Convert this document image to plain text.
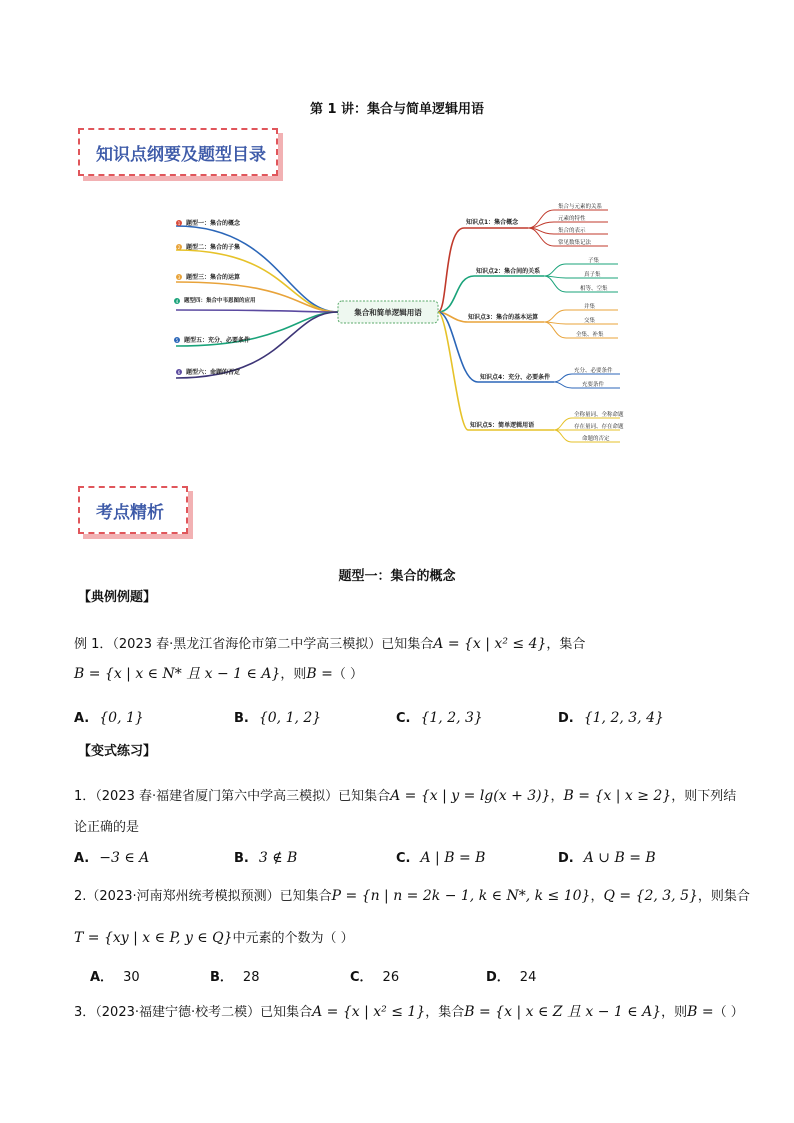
第 1 讲：集合与简单逻辑用语
知识点纲要及题型目录
集合和简单逻辑用语
1 题型一：集合的概念
2 题型二：集合的子集
3 题型三：集合的运算
4 题型四：集合中韦恩图的应用
5 题型五：充分、必要条件
6 题型六：命题的否定
知识点1：集合概念
知识点2：集合间的关系
知识点3：集合的基本运算
知识点4：充分、必要条件
知识点5：简单逻辑用语
集合与元素的关系
元素的特性
集合的表示
常见数集记法
子集
真子集
相等、空集
并集
交集
全集、补集
充分、必要条件
充要条件
全称量词、全称命题
存在量词、存在命题
命题的否定
考点精析
题型一：集合的概念
【典例例题】
例 1．（2023 春·黑龙江省海伦市第二中学高三模拟）已知集合A = {x | x² ≤ 4}，集合
B = {x | x ∈ N* 且 x − 1 ∈ A}，则B =（ ）
A. {0, 1}	B. {0, 1, 2}	C. {1, 2, 3}	D. {1, 2, 3, 4}
【变式练习】
1．（2023 春·福建省厦门第六中学高三模拟）已知集合A = {x | y = lg(x + 3)}，B = {x | x ≥ 2}，则下列结
论正确的是
A. −3 ∈ A	B. 3 ∉ B	C. A | B = B	D. A ∪ B = B
2.（2023·河南郑州统考模拟预测）已知集合P = {n | n = 2k − 1, k ∈ N*, k ≤ 10}，Q = {2, 3, 5}，则集合
T = {xy | x ∈ P, y ∈ Q}中元素的个数为（ ）
A． 30	B． 28	C． 26	D． 24
3．（2023·福建宁德·校考二模）已知集合A = {x | x² ≤ 1}，集合B = {x | x ∈ Z 且 x − 1 ∈ A}，则B =（ ）
